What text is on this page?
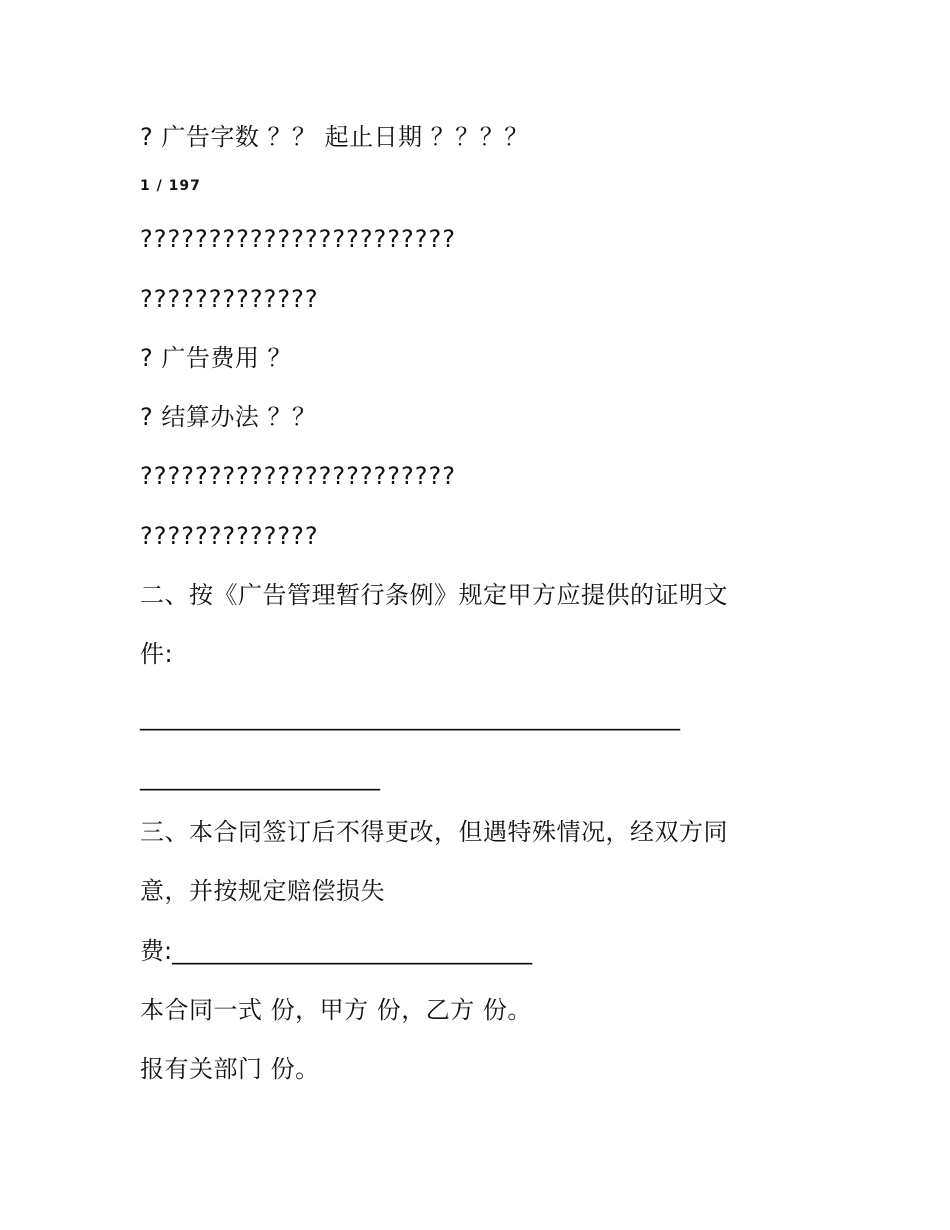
? 广告字数 ？？ 起止日期 ？？？？
1 / 197
???????????????????????
?????????????
? 广告费用 ？
? 结算办法 ？？
???????????????????????
?????????????
二、按《广告管理暂行条例》规定甲方应提供的证明文
件:
_____________________________________________
____________________
三、本合同签订后不得更改，但遇特殊情况，经双方同
意，并按规定赔偿损失
费:______________________________
本合同一式 份，甲方 份，乙方 份。
报有关部门 份。
